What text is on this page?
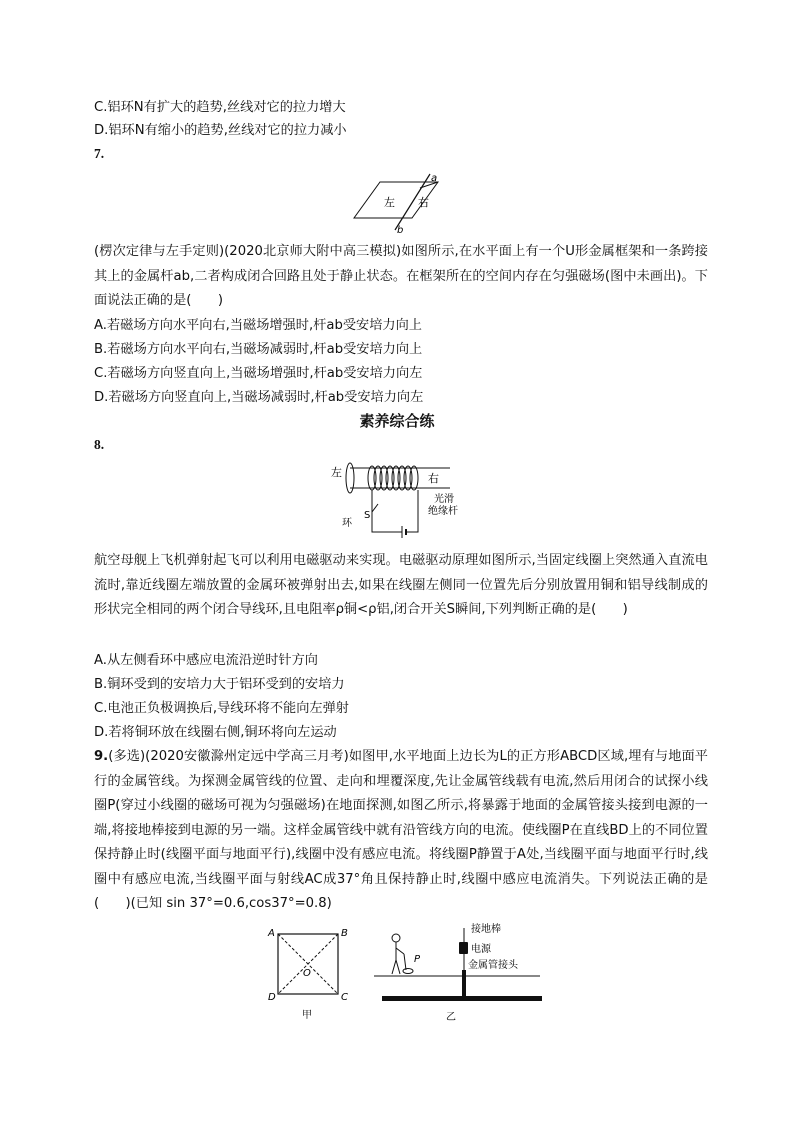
C.铝环N有扩大的趋势,丝线对它的拉力增大
D.铝环N有缩小的趋势,丝线对它的拉力减小
7.
左 右
a
b
(楞次定律与左手定则)(2020北京师大附中高三模拟)如图所示,在水平面上有一个U形金属框架和一条跨接其上的金属杆ab,二者构成闭合回路且处于静止状态。在框架所在的空间内存在匀强磁场(图中未画出)。下面说法正确的是(　　)
A.若磁场方向水平向右,当磁场增强时,杆ab受安培力向上
B.若磁场方向水平向右,当磁场减弱时,杆ab受安培力向上
C.若磁场方向竖直向上,当磁场增强时,杆ab受安培力向左
D.若磁场方向竖直向上,当磁场减弱时,杆ab受安培力向左
素养综合练
8.
左	右
环
S
光滑
绝缘杆
航空母舰上飞机弹射起飞可以利用电磁驱动来实现。电磁驱动原理如图所示,当固定线圈上突然通入直流电流时,靠近线圈左端放置的金属环被弹射出去,如果在线圈左侧同一位置先后分别放置用铜和铝导线制成的形状完全相同的两个闭合导线环,且电阻率ρ铜<ρ铝,闭合开关S瞬间,下列判断正确的是(　　)
A.从左侧看环中感应电流沿逆时针方向
B.铜环受到的安培力大于铝环受到的安培力
C.电池正负极调换后,导线环将不能向左弹射
D.若将铜环放在线圈右侧,铜环将向左运动
9.(多选)(2020安徽滁州定远中学高三月考)如图甲,水平地面上边长为L的正方形ABCD区域,埋有与地面平行的金属管线。为探测金属管线的位置、走向和埋覆深度,先让金属管线载有电流,然后用闭合的试探小线圈P(穿过小线圈的磁场可视为匀强磁场)在地面探测,如图乙所示,将暴露于地面的金属管接头接到电源的一端,将接地棒接到电源的另一端。这样金属管线中就有沿管线方向的电流。使线圈P在直线BD上的不同位置保持静止时(线圈平面与地面平行),线圈中没有感应电流。将线圈P静置于A处,当线圈平面与地面平行时,线圈中有感应电流,当线圈平面与射线AC成37°角且保持静止时,线圈中感应电流消失。下列说法正确的是(　　)(已知 sin 37°=0.6,cos37°=0.8)
A	B
C
D
O
甲
P
接地棒
电源
金属管接头
乙
